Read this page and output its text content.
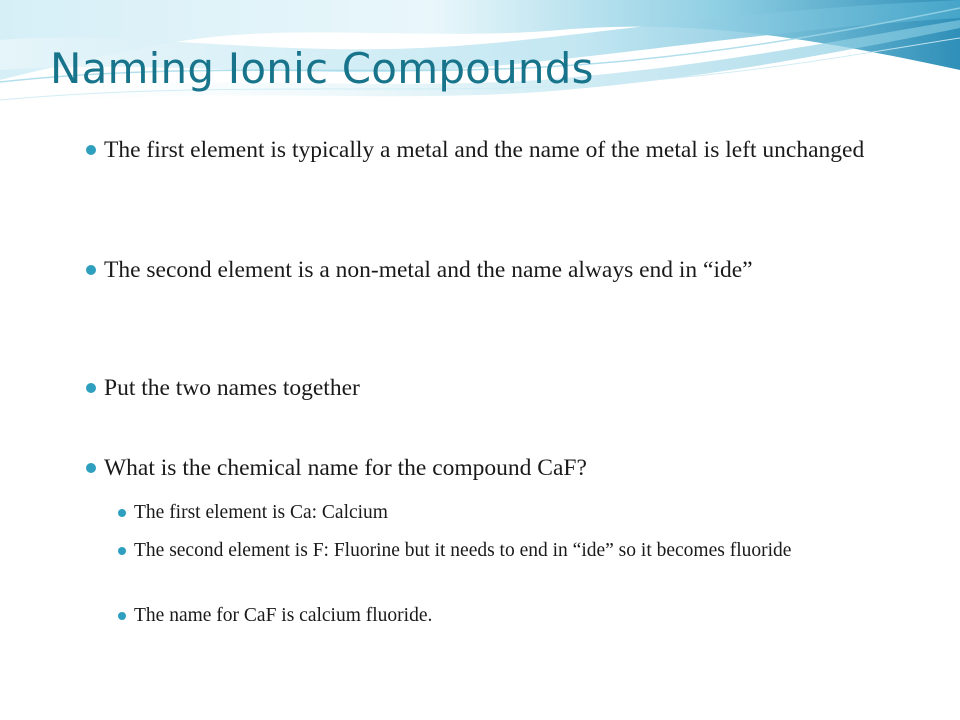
Naming Ionic Compounds
The first element is typically a metal and the name of the metal is left unchanged
The second element is a non-metal and the name always end in “ide”
Put the two names together
What is the chemical name for the compound CaF?
The first element is Ca: Calcium
The second element is F: Fluorine but it needs to end in “ide” so it becomes fluoride
The name for CaF is calcium fluoride.
